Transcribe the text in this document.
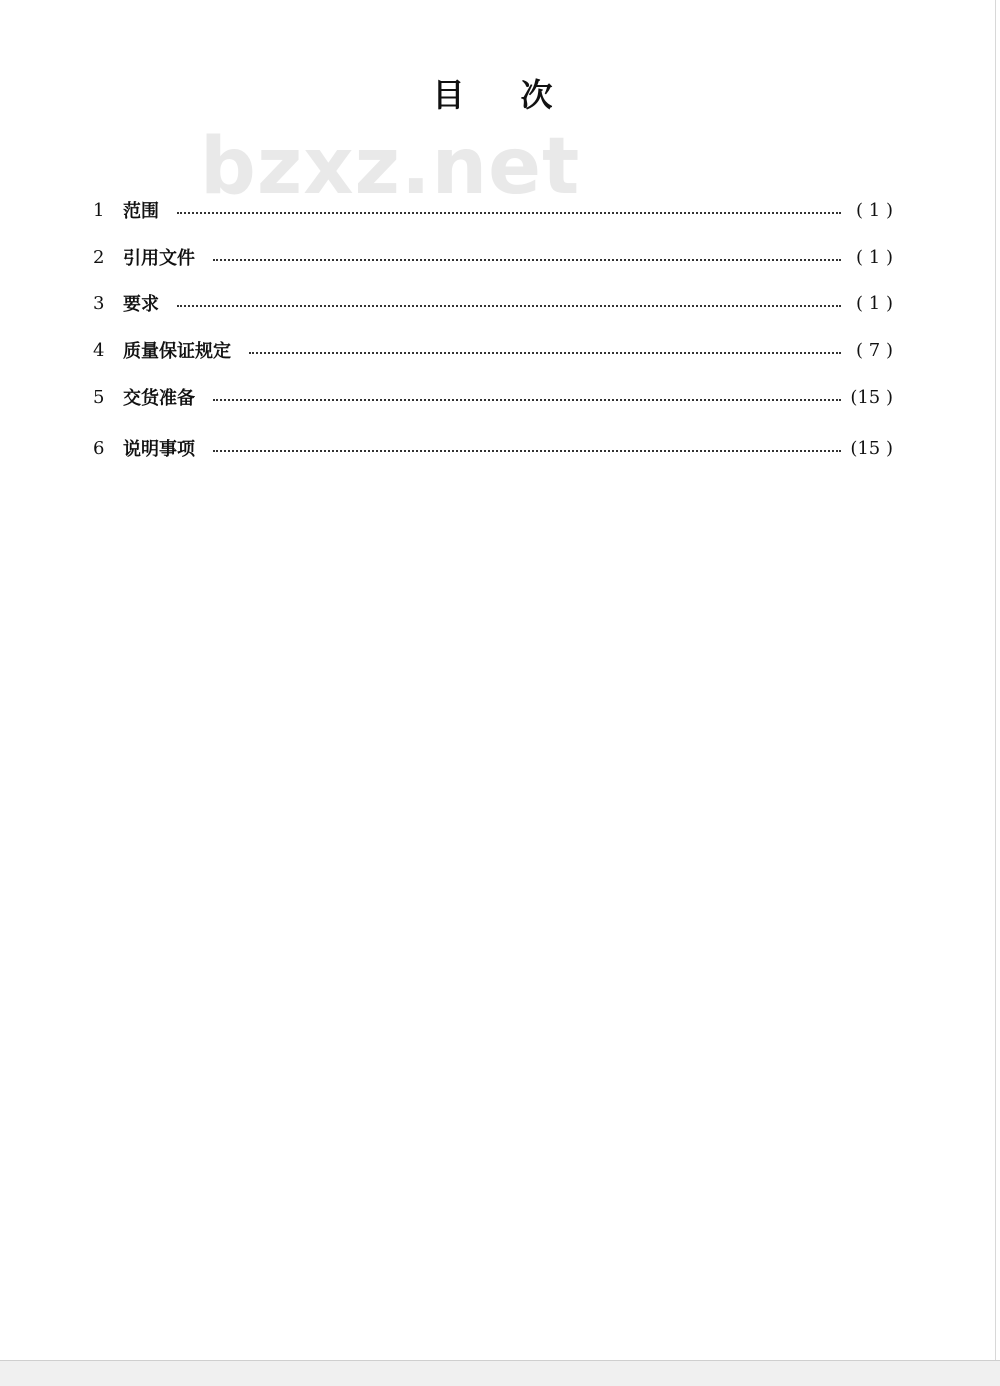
目次
bzxz.net
1	范围	( 1 )
2	引用文件	( 1 )
3	要求	( 1 )
4	质量保证规定	( 7 )
5	交货准备	(15 )
6	说明事项	(15 )
